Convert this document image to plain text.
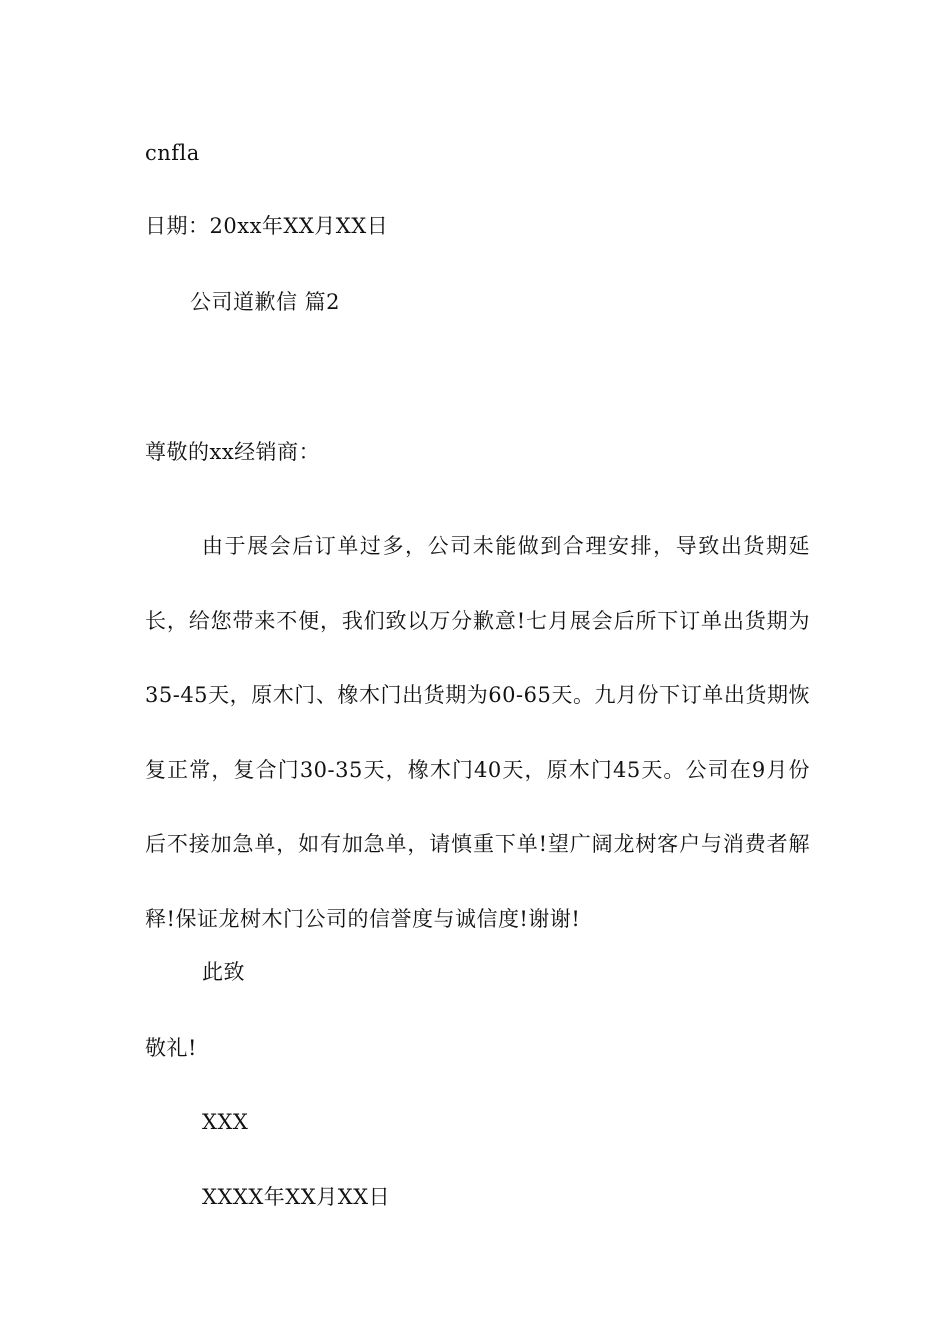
cnfla
日期：20xx年XX月XX日
公司道歉信 篇2
尊敬的xx经销商：
由于展会后订单过多，公司未能做到合理安排，导致出货期延长，给您带来不便，我们致以万分歉意!七月展会后所下订单出货期为35-45天，原木门、橡木门出货期为60-65天。九月份下订单出货期恢复正常，复合门30-35天，橡木门40天，原木门45天。公司在9月份后不接加急单，如有加急单，请慎重下单!望广阔龙树客户与消费者解释!保证龙树木门公司的信誉度与诚信度!谢谢!
此致
敬礼!
XXX
XXXX年XX月XX日
